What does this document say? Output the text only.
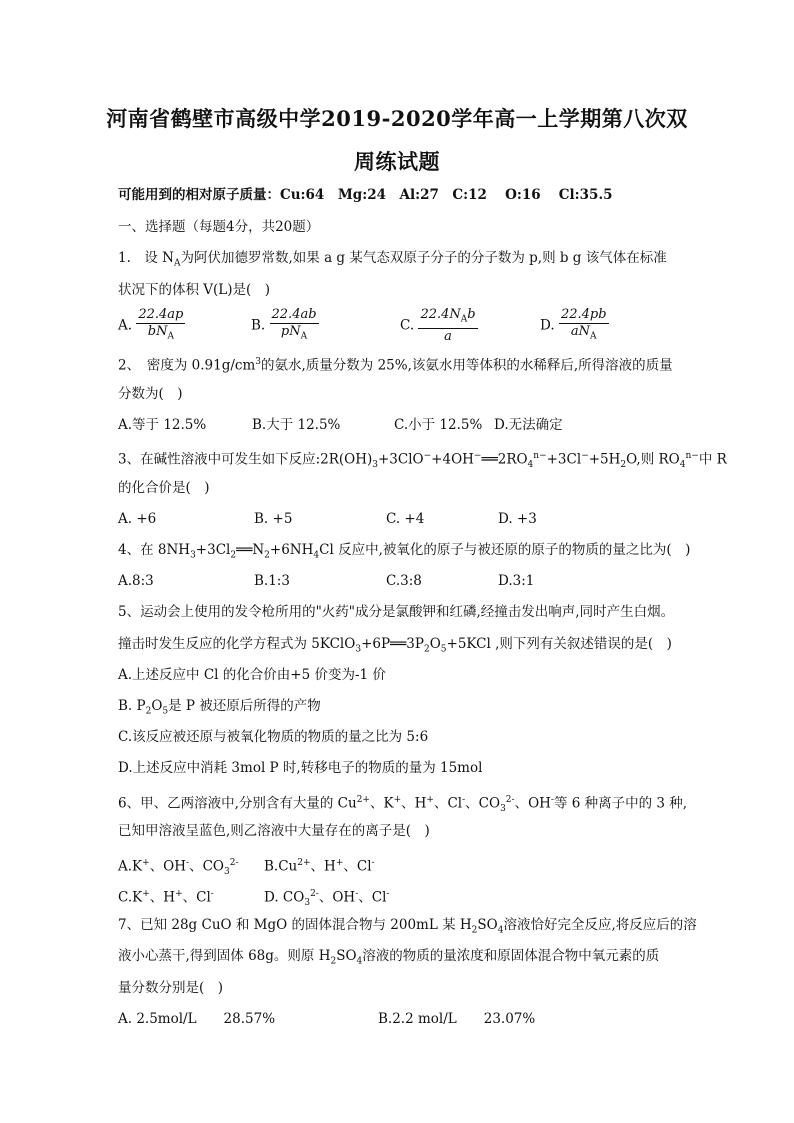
河南省鹤壁市高级中学2019-2020学年高一上学期第八次双
周练试题
可能用到的相对原子质量：Cu:64　Mg:24　Al:27　C:12　 O:16　 Cl:35.5
一、选择题（每题4分，共20题）
1.　设 $N_A$为阿伏加德罗常数,如果 a g 某气态双原子分子的分子数为 p,则 b g 该气体在标准
状况下的体积 V(L)是(　)
A. $\frac{22.4ap}{bN_A}$	B. $\frac{22.4ab}{pN_A}$	C. $\frac{22.4N_Ab}{a}$	D. $\frac{22.4pb}{aN_A}$
2、　密度为 $0.91g/cm^3$的氨水,质量分数为 25%,该氨水用等体积的水稀释后,所得溶液的质量
分数为(　)
A.等于 12.5%	B.大于 12.5%	C.小于 12.5% D.无法确定
3、在碱性溶液中可发生如下反应$:2R(OH)_3+3ClO^-+4OH^-══2RO_4^{n-}+3Cl^-+5H_2O$,则 $RO_4^{n-}$中 R
的化合价是(　)
A. +6	B. +5	C. +4	D. +3
4、在 $8NH_3+3Cl_2══N_2+6NH_4Cl$ 反应中,被氧化的原子与被还原的原子的物质的量之比为(　)
A.8:3	B.1:3	C.3:8	D.3:1
5、运动会上使用的发令枪所用的"火药"成分是氯酸钾和红磷,经撞击发出响声,同时产生白烟。
撞击时发生反应的化学方程式为 $5KClO_3+6P══3P_2O_5+5KCl$ ,则下列有关叙述错误的是(　)
A.上述反应中 Cl 的化合价由+5 价变为-1 价
B. $P_2O_5$是 P 被还原后所得的产物
C.该反应被还原与被氧化物质的物质的量之比为 5:6
D.上述反应中消耗 3mol P 时,转移电子的物质的量为 15mol
6、甲、乙两溶液中,分别含有大量的 $Cu^{2+}$、K+、H+、Cl-、$CO_3^{2-}$、OH-等 6 种离子中的 3 种,
已知甲溶液呈蓝色,则乙溶液中大量存在的离子是(　)
A.K+、OH-、$CO_3^{2-}$ $B.Cu^{2+}$、H+、Cl-
C.K+、H+、Cl-	D. $CO_3^{2-}$、OH-、Cl-
7、已知 28g CuO 和 MgO 的固体混合物与 200mL 某 $H_2SO_4$溶液恰好完全反应,将反应后的溶
液小心蒸干,得到固体 68g。则原 $H_2SO_4$溶液的物质的量浓度和原固体混合物中氧元素的质
量分数分别是(　)
A. 2.5mol/L　　28.57%	B.2.2 mol/L　　23.07%
